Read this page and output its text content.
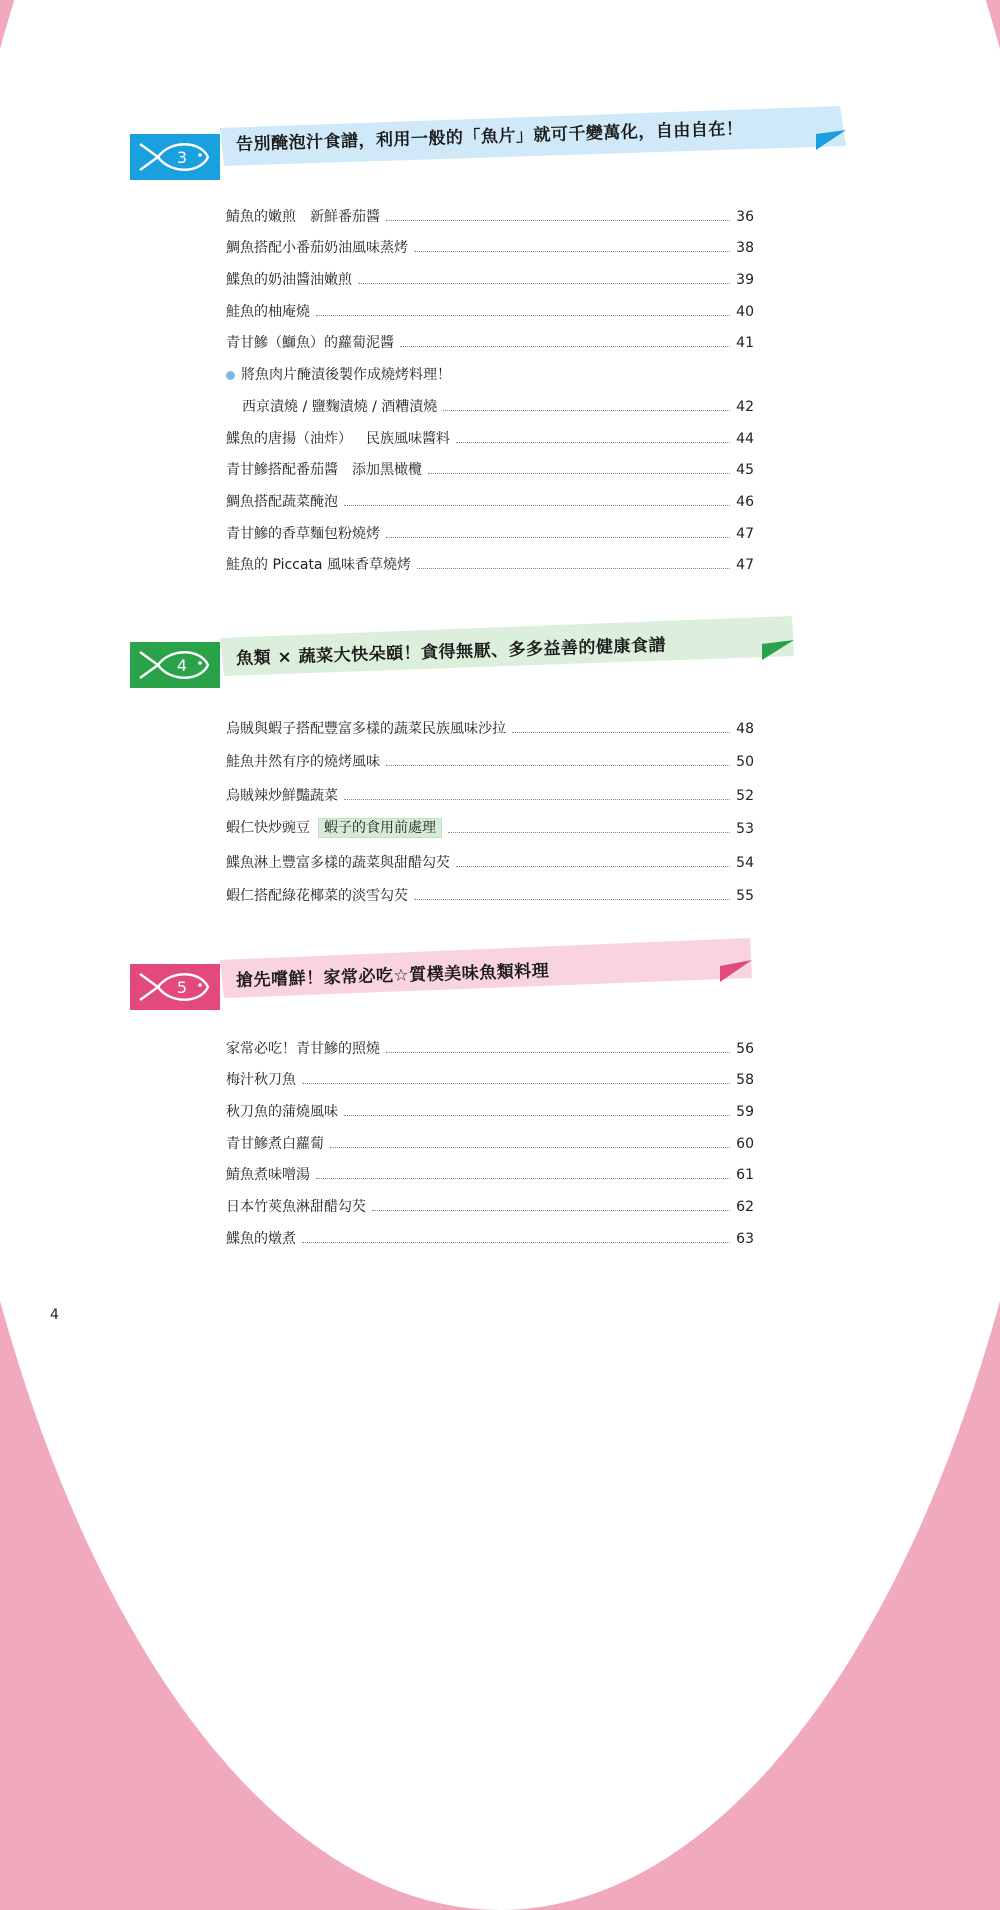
3
告別醃泡汁食譜，利用一般的「魚片」就可千變萬化，自由自在！
鯖魚的嫩煎 新鮮番茄醬	36
鯛魚搭配小番茄奶油風味蒸烤	38
鰈魚的奶油醬油嫩煎	39
鮭魚的柚庵燒	40
青甘鰺（鰤魚）的蘿蔔泥醬	41
將魚肉片醃漬後製作成燒烤料理！
西京漬燒 / 鹽麴漬燒 / 酒糟漬燒	42
鰈魚的唐揚（油炸） 民族風味醬料	44
青甘鰺搭配番茄醬 添加黑橄欖	45
鯛魚搭配蔬菜醃泡	46
青甘鰺的香草麵包粉燒烤	47
鮭魚的 Piccata 風味香草燒烤	47
4	魚類 × 蔬菜大快朵頤！貪得無厭、多多益善的健康食譜
烏賊與蝦子搭配豐富多樣的蔬菜民族風味沙拉	48
鮭魚井然有序的燒烤風味	50
烏賊辣炒鮮豔蔬菜	52
蝦仁快炒豌豆 蝦子的食用前處理	53
鰈魚淋上豐富多樣的蔬菜與甜醋勾芡	54
蝦仁搭配綠花椰菜的淡雪勾芡	55
5	搶先嚐鮮！家常必吃☆質樸美味魚類料理
家常必吃！青甘鰺的照燒	56
梅汁秋刀魚	58
秋刀魚的蒲燒風味	59
青甘鰺煮白蘿蔔	60
鯖魚煮味噌湯	61
日本竹莢魚淋甜醋勾芡	62
鰈魚的燉煮	63
4
